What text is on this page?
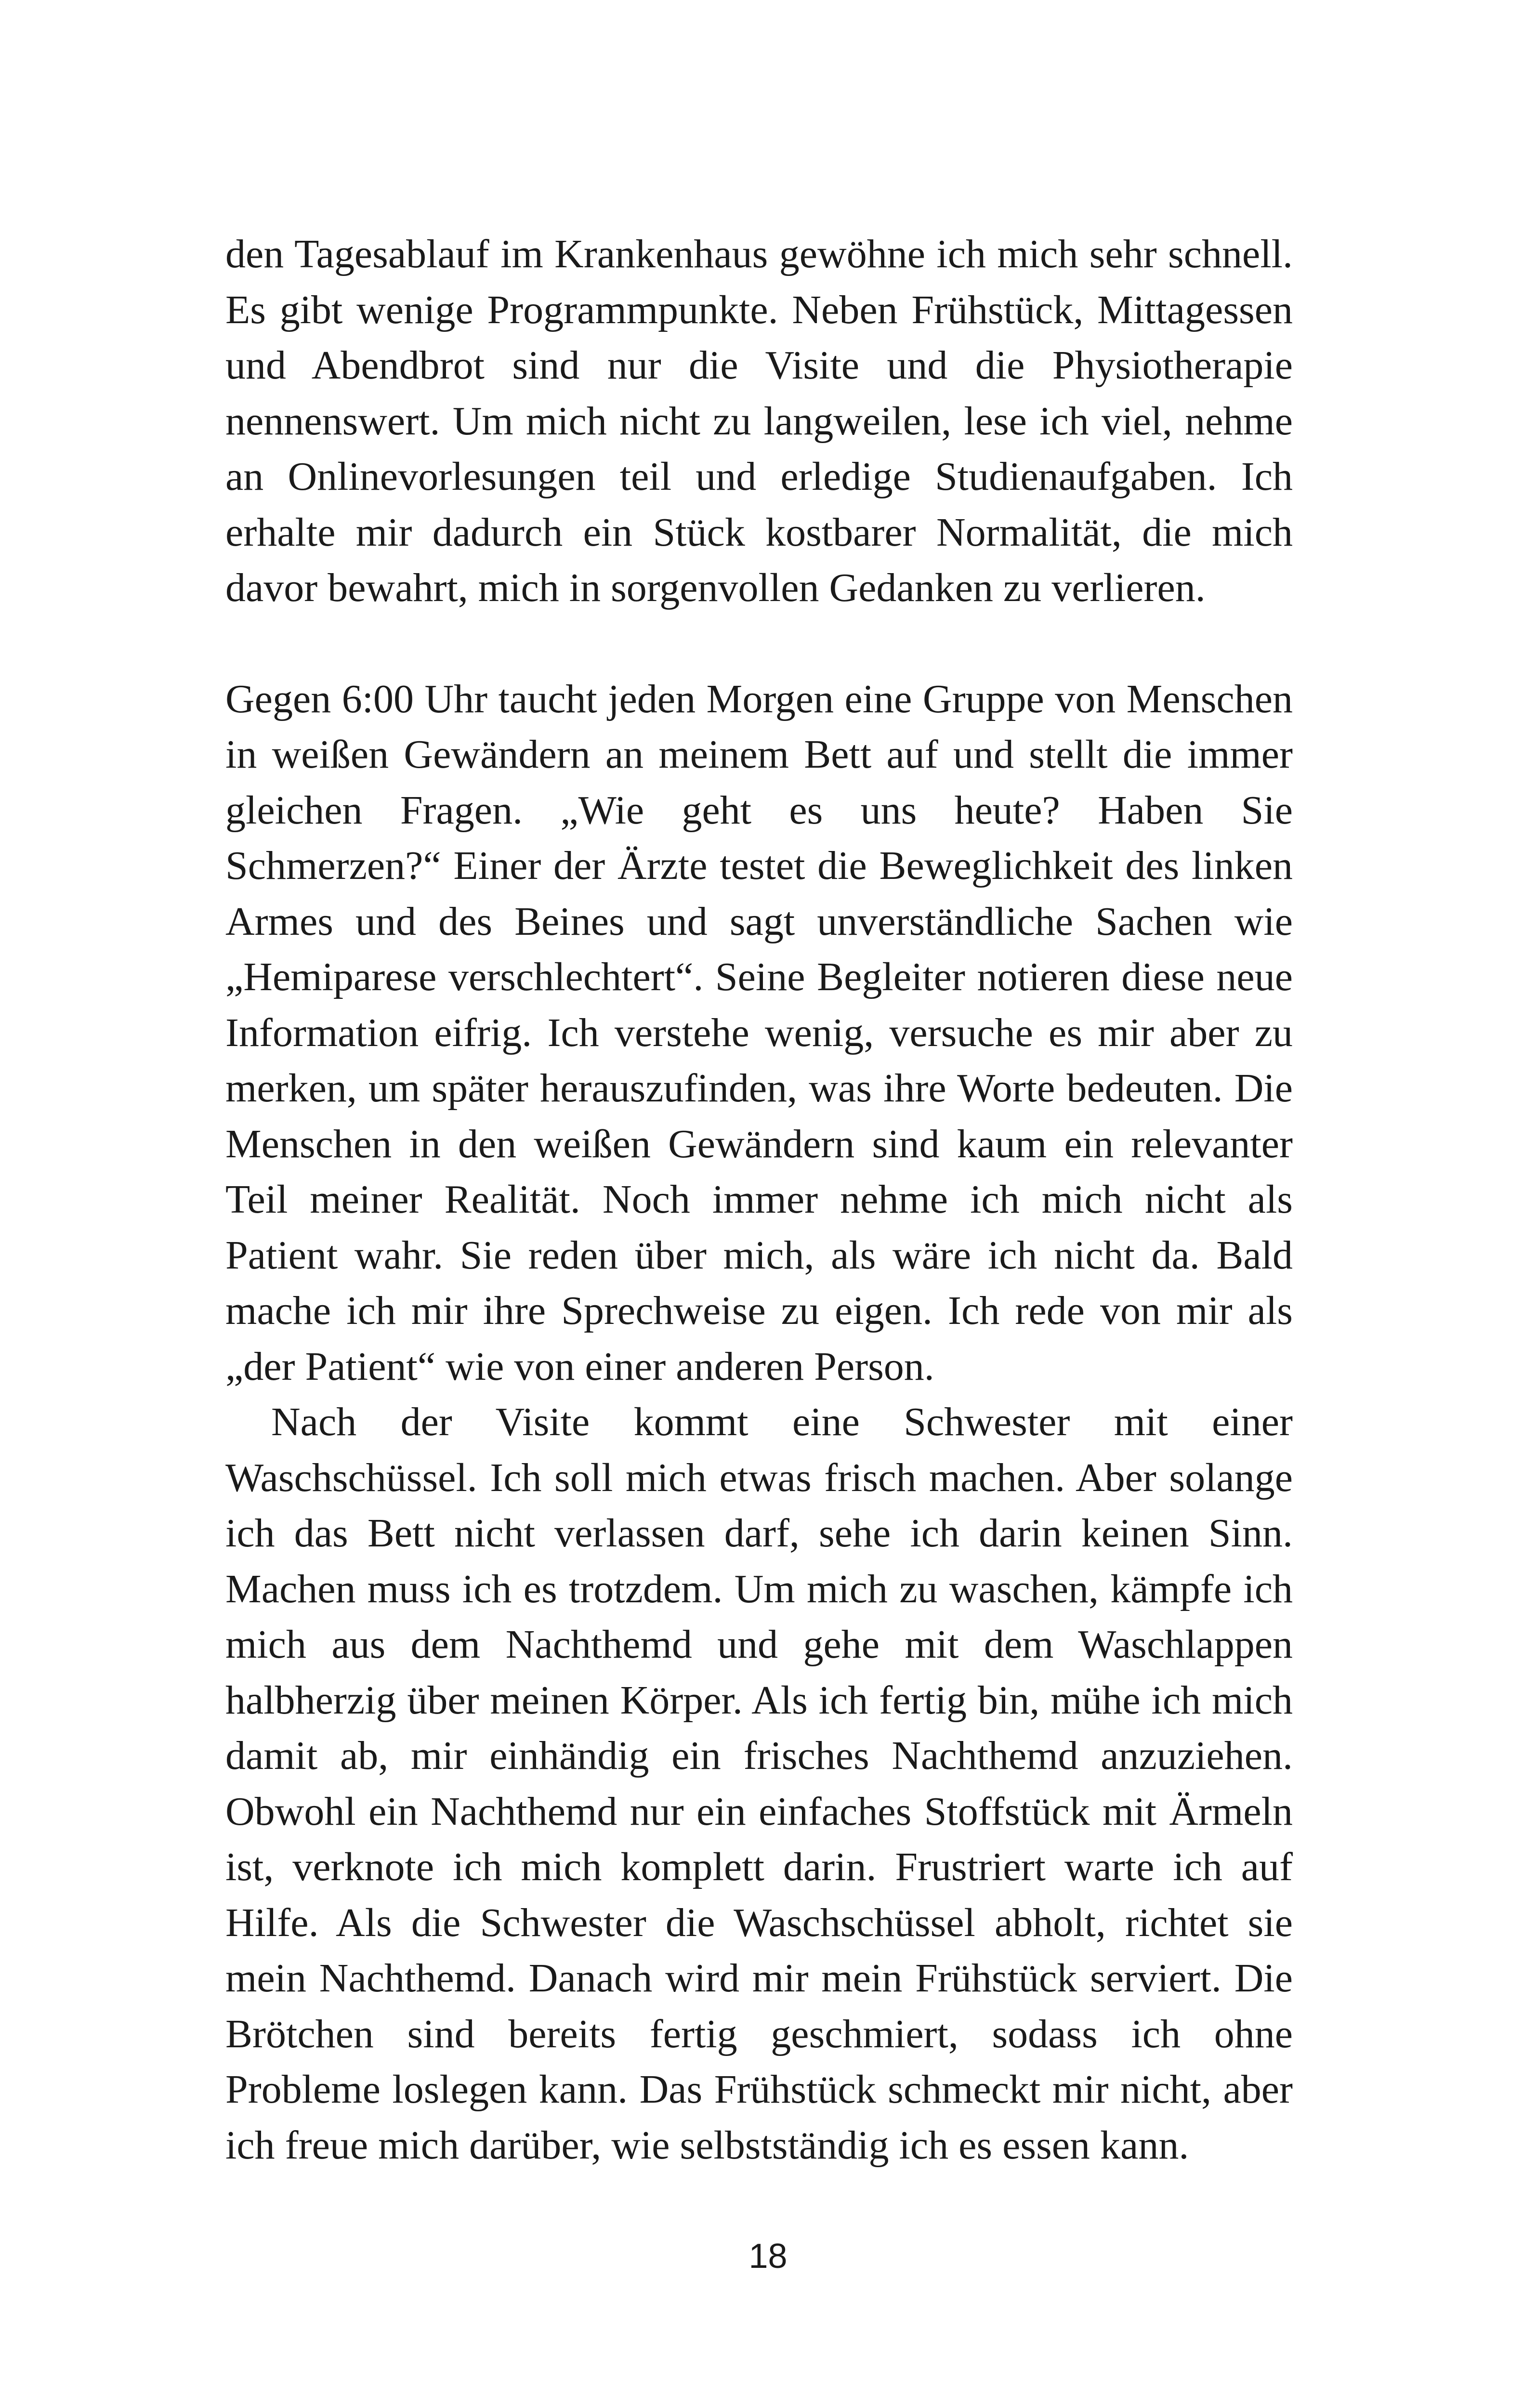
den Tagesablauf im Krankenhaus gewöhne ich mich sehr schnell. Es gibt wenige Programmpunkte. Neben Frühstück, Mittagessen und Abendbrot sind nur die Visite und die Physiotherapie nennenswert. Um mich nicht zu langweilen, lese ich viel, nehme an Onlinevorlesungen teil und erledige Studienaufgaben. Ich erhalte mir dadurch ein Stück kostbarer Normalität, die mich davor bewahrt, mich in sorgenvollen Gedanken zu verlieren.

Gegen 6:00 Uhr taucht jeden Morgen eine Gruppe von Menschen in weißen Gewändern an meinem Bett auf und stellt die immer gleichen Fragen. „Wie geht es uns heute? Haben Sie Schmerzen?“ Einer der Ärzte testet die Beweglichkeit des linken Armes und des Beines und sagt unverständliche Sachen wie „Hemiparese verschlechtert“. Seine Begleiter notieren diese neue Information eifrig. Ich verstehe wenig, versuche es mir aber zu merken, um später herauszufinden, was ihre Worte bedeuten. Die Menschen in den weißen Gewändern sind kaum ein relevanter Teil meiner Realität. Noch immer nehme ich mich nicht als Patient wahr. Sie reden über mich, als wäre ich nicht da. Bald mache ich mir ihre Sprechweise zu eigen. Ich rede von mir als „der Patient“ wie von einer anderen Person.

Nach der Visite kommt eine Schwester mit einer Waschschüssel. Ich soll mich etwas frisch machen. Aber solange ich das Bett nicht verlassen darf, sehe ich darin keinen Sinn. Machen muss ich es trotzdem. Um mich zu waschen, kämpfe ich mich aus dem Nachthemd und gehe mit dem Waschlappen halbherzig über meinen Körper. Als ich fertig bin, mühe ich mich damit ab, mir einhändig ein frisches Nachthemd anzuziehen. Obwohl ein Nachthemd nur ein einfaches Stoffstück mit Ärmeln ist, verknote ich mich komplett darin. Frustriert warte ich auf Hilfe. Als die Schwester die Waschschüssel abholt, richtet sie mein Nachthemd. Danach wird mir mein Frühstück serviert. Die Brötchen sind bereits fertig geschmiert, sodass ich ohne Probleme loslegen kann. Das Frühstück schmeckt mir nicht, aber ich freue mich darüber, wie selbstständig ich es essen kann.

18
